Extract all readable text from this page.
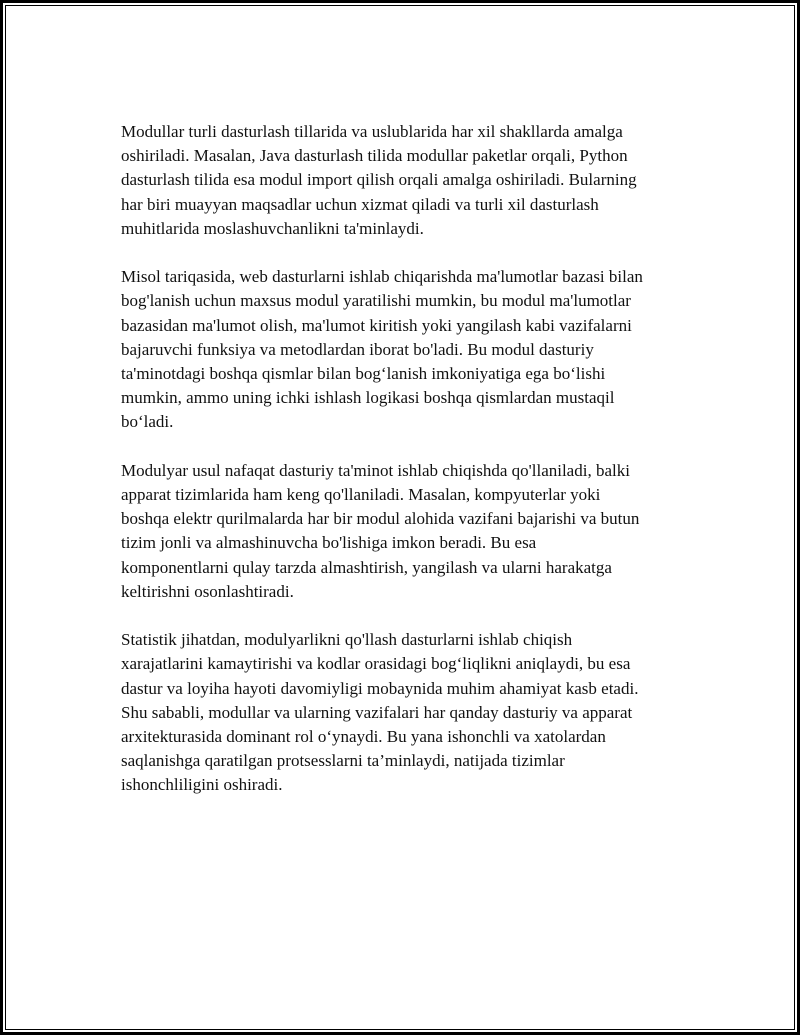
Modullar turli dasturlash tillarida va uslublarida har xil shakllarda amalga
oshiriladi. Masalan, Java dasturlash tilida modullar paketlar orqali, Python
dasturlash tilida esa modul import qilish orqali amalga oshiriladi. Bularning
har biri muayyan maqsadlar uchun xizmat qiladi va turli xil dasturlash
muhitlarida moslashuvchanlikni ta'minlaydi.

Misol tariqasida, web dasturlarni ishlab chiqarishda ma'lumotlar bazasi bilan
bog'lanish uchun maxsus modul yaratilishi mumkin, bu modul ma'lumotlar
bazasidan ma'lumot olish, ma'lumot kiritish yoki yangilash kabi vazifalarni
bajaruvchi funksiya va metodlardan iborat bo'ladi. Bu modul dasturiy
ta'minotdagi boshqa qismlar bilan bog‘lanish imkoniyatiga ega bo‘lishi
mumkin, ammo uning ichki ishlash logikasi boshqa qismlardan mustaqil
bo‘ladi.

Modulyar usul nafaqat dasturiy ta'minot ishlab chiqishda qo'llaniladi, balki
apparat tizimlarida ham keng qo'llaniladi. Masalan, kompyuterlar yoki
boshqa elektr qurilmalarda har bir modul alohida vazifani bajarishi va butun
tizim jonli va almashinuvcha bo'lishiga imkon beradi. Bu esa
komponentlarni qulay tarzda almashtirish, yangilash va ularni harakatga
keltirishni osonlashtiradi.

Statistik jihatdan, modulyarlikni qo'llash dasturlarni ishlab chiqish
xarajatlarini kamaytirishi va kodlar orasidagi bog‘liqlikni aniqlaydi, bu esa
dastur va loyiha hayoti davomiyligi mobaynida muhim ahamiyat kasb etadi.
Shu sababli, modullar va ularning vazifalari har qanday dasturiy va apparat
arxitekturasida dominant rol o‘ynaydi. Bu yana ishonchli va xatolardan
saqlanishga qaratilgan protsesslarni ta’minlaydi, natijada tizimlar
ishonchliligini oshiradi.
